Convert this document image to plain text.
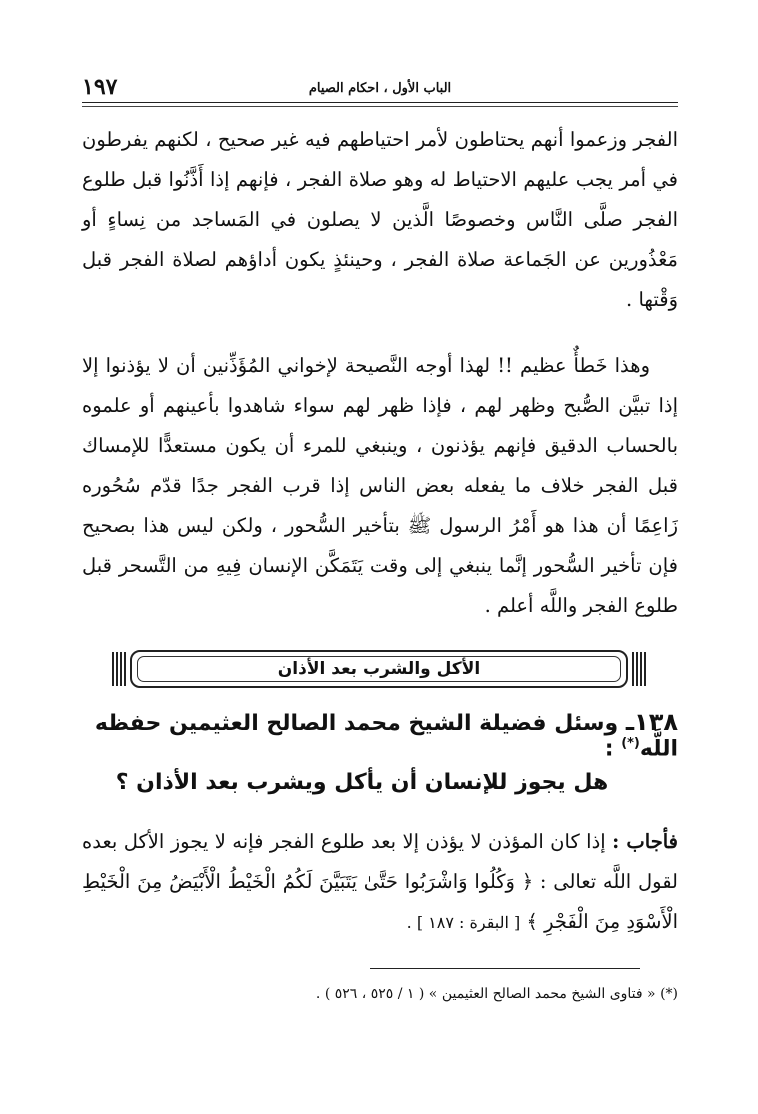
١٩٧	الباب الأول ، احكام الصيام

الفجر وزعموا أنهم يحتاطون لأمر احتياطهم فيه غير صحيح ، لكنهم يفرطون في أمر يجب عليهم الاحتياط له وهو صلاة الفجر ، فإنهم إذا أَذَّنُوا قبل طلوع الفجر صلَّى النَّاس وخصوصًا الَّذين لا يصلون في المَساجد من نِساءٍ أو مَعْذُورين عن الجَماعة صلاة الفجر ، وحينئذٍ يكون أداؤهم لصلاة الفجر قبل وَقْتها .

وهذا خَطأٌ عظيم !! لهذا أوجه النَّصيحة لإخواني المُؤَذِّنين أن لا يؤذنوا إلا إذا تبيَّن الصُّبح وظهر لهم ، فإذا ظهر لهم سواء شاهدوا بأعينهم أو علموه بالحساب الدقيق فإنهم يؤذنون ، وينبغي للمرء أن يكون مستعدًّا للإمساك قبل الفجر خلاف ما يفعله بعض الناس إذا قرب الفجر جدًا قدّم سُحُوره زَاعِمًا أن هذا هو أَمْرُ الرسول ﷺ بتأخير السُّحور ، ولكن ليس هذا بصحيح فإن تأخير السُّحور إنَّما ينبغي إلى وقت يَتَمَكَّن الإنسان فِيهِ من التَّسحر قبل طلوع الفجر واللَّه أعلم .

الأكل والشرب بعد الأذان
١٣٨ـ وسئل فضيلة الشيخ محمد الصالح العثيمين حفظه اللَّه(*) :
هل يجوز للإنسان أن يأكل ويشرب بعد الأذان ؟
فأجاب : إذا كان المؤذن لا يؤذن إلا بعد طلوع الفجر فإنه لا يجوز الأكل بعده لقول اللَّه تعالى : ﴿ وَكُلُوا وَاشْرَبُوا حَتَّىٰ يَتَبَيَّنَ لَكُمُ الْخَيْطُ الْأَبْيَضُ مِنَ الْخَيْطِ الْأَسْوَدِ مِنَ الْفَجْرِ ﴾ [ البقرة : ١٨٧ ] .
(*) « فتاوى الشيخ محمد الصالح العثيمين » ( ١ / ٥٢٥ ، ٥٢٦ ) .
